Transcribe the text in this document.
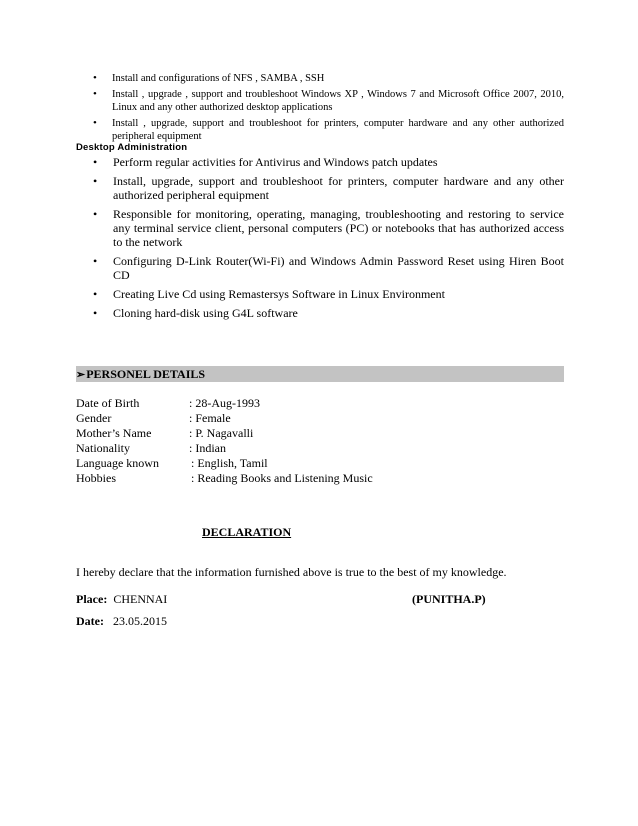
• Install and configurations of NFS , SAMBA , SSH
• Install , upgrade , support and troubleshoot Windows XP , Windows 7 and Microsoft Office 2007, 2010, Linux and any other authorized desktop applications
• Install , upgrade, support and troubleshoot for printers, computer hardware and any other authorized peripheral equipment
Desktop Administration
• Perform regular activities for Antivirus and Windows patch updates
• Install, upgrade, support and troubleshoot for printers, computer hardware and any other authorized peripheral equipment
• Responsible for monitoring, operating, managing, troubleshooting and restoring to service any terminal service client, personal computers (PC) or notebooks that has authorized access to the network
• Configuring D-Link Router(Wi-Fi) and Windows Admin Password Reset using Hiren Boot CD
• Creating Live Cd using Remastersys Software in Linux Environment
• Cloning hard-disk using G4L software
➢PERSONEL DETAILS
Date of Birth	: 28-Aug-1993
Gender	: Female
Mother’s Name	: P. Nagavalli
Nationality	: Indian
Language known	: English, Tamil
Hobbies	: Reading Books and Listening Music
DECLARATION
I hereby declare that the information furnished above is true to the best of my knowledge.
Place: CHENNAI	(PUNITHA.P)
Date: 23.05.2015
